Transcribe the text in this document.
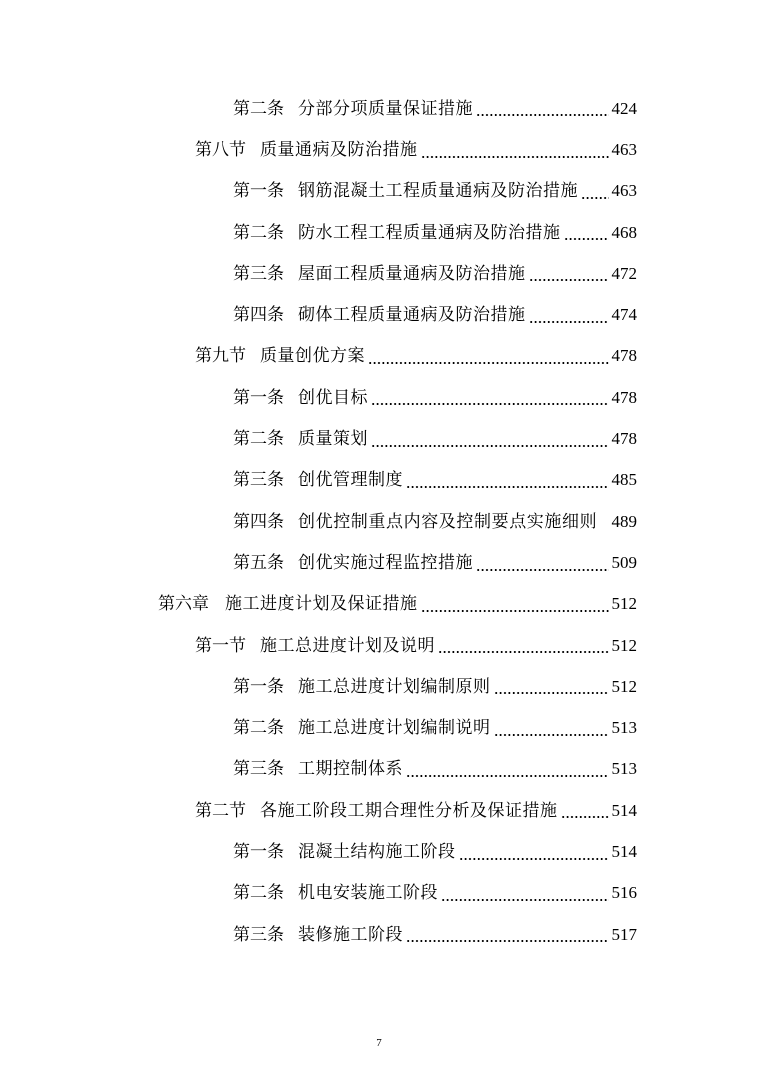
第二条 分部分项质量保证措施	424
第八节 质量通病及防治措施	463
第一条 钢筋混凝土工程质量通病及防治措施 463
第二条 防水工程工程质量通病及防治措施	468
第三条 屋面工程质量通病及防治措施	472
第四条 砌体工程质量通病及防治措施	474
第九节 质量创优方案	478
第一条 创优目标	478
第二条 质量策划	478
第三条 创优管理制度	485
第四条 创优控制重点内容及控制要点实施细则 489
第五条 创优实施过程监控措施	509
第六章 施工进度计划及保证措施	512
第一节 施工总进度计划及说明	512
第一条 施工总进度计划编制原则	512
第二条 施工总进度计划编制说明	513
第三条 工期控制体系	513
第二节 各施工阶段工期合理性分析及保证措施	514
第一条 混凝土结构施工阶段	514
第二条 机电安装施工阶段	516
第三条 装修施工阶段	517
7
